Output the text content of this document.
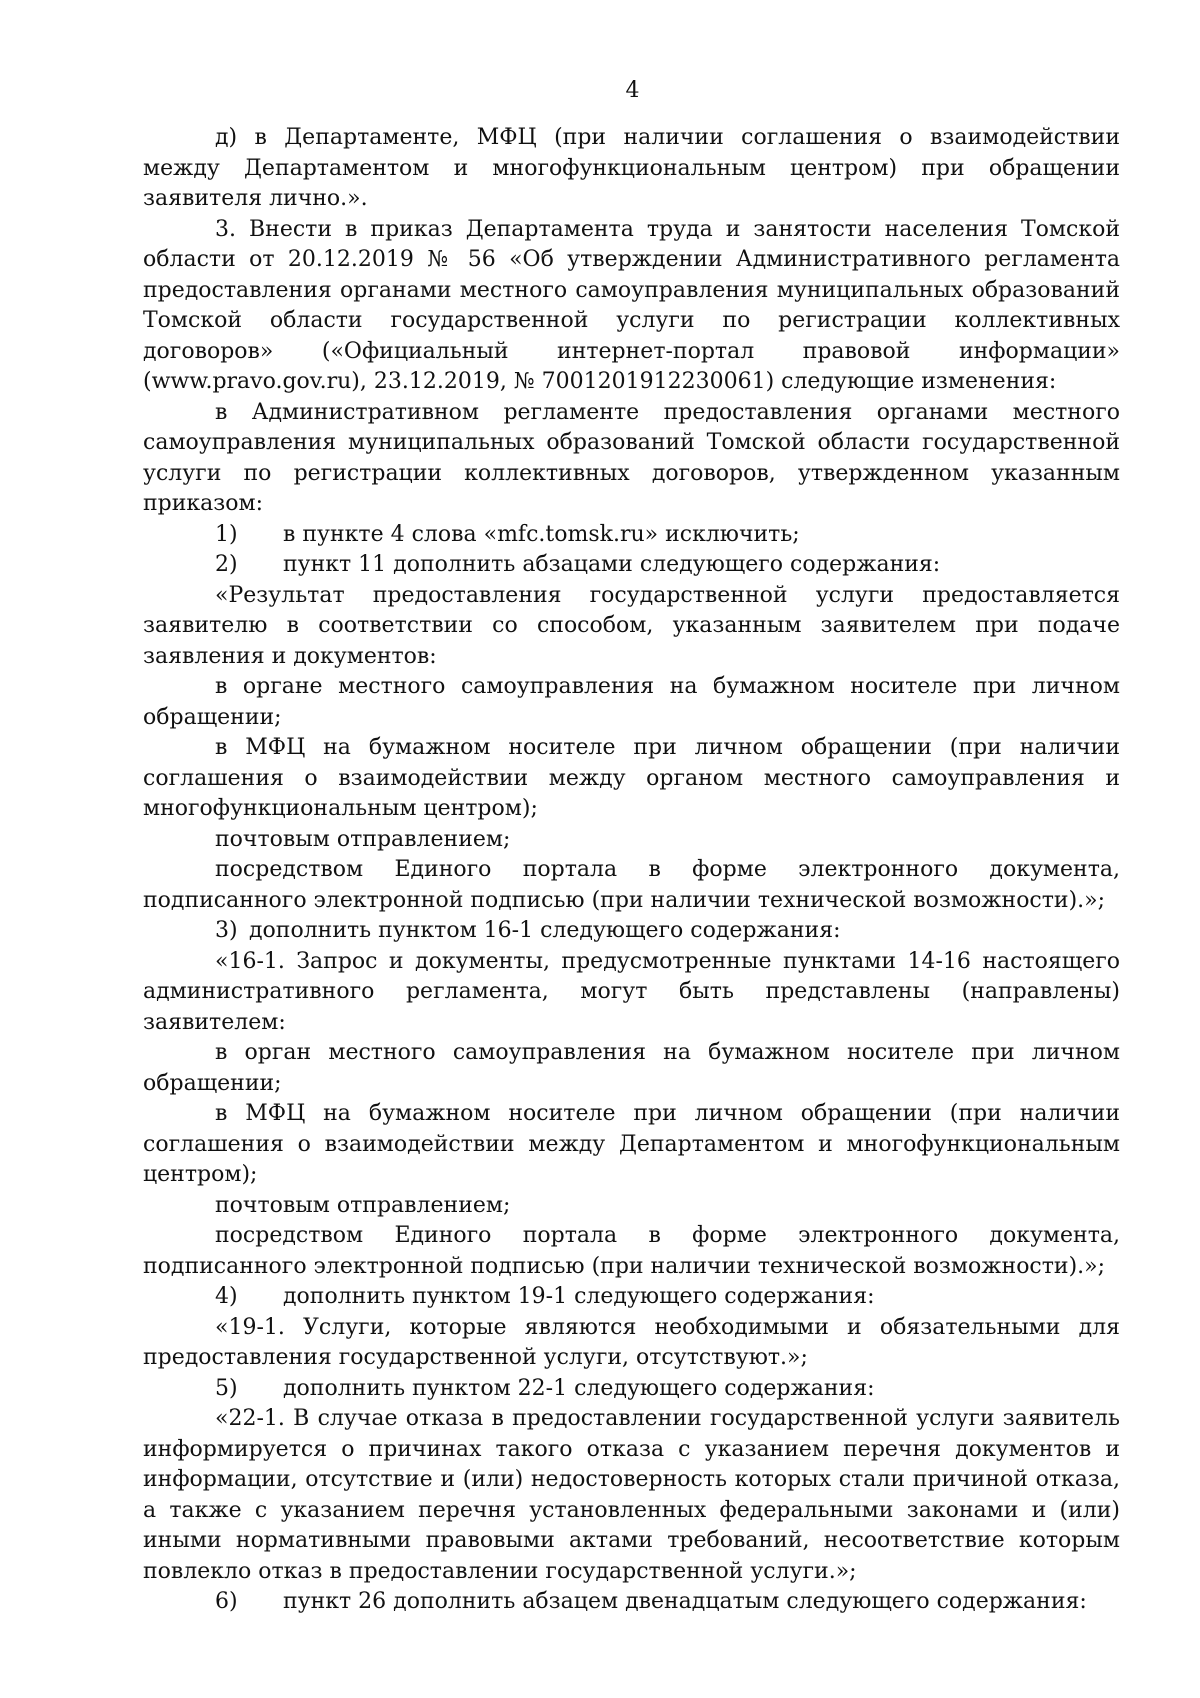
4
д) в Департаменте, МФЦ (при наличии соглашения о взаимодействии между Департаментом и многофункциональным центром) при обращении заявителя лично.».
3. Внести в приказ Департамента труда и занятости населения Томской области от 20.12.2019 № 56 «Об утверждении Административного регламента предоставления органами местного самоуправления муниципальных образований Томской области государственной услуги по регистрации коллективных договоров» («Официальный интернет-портал правовой информации» (www.pravo.gov.ru), 23.12.2019, № 7001201912230061) следующие изменения:
в Административном регламенте предоставления органами местного самоуправления муниципальных образований Томской области государственной услуги по регистрации коллективных договоров, утвержденном указанным приказом:
1) в пункте 4 слова «mfc.tomsk.ru» исключить;
2) пункт 11 дополнить абзацами следующего содержания:
«Результат предоставления государственной услуги предоставляется заявителю в соответствии со способом, указанным заявителем при подаче заявления и документов:
в органе местного самоуправления на бумажном носителе при личном обращении;
в МФЦ на бумажном носителе при личном обращении (при наличии соглашения о взаимодействии между органом местного самоуправления и многофункциональным центром);
почтовым отправлением;
посредством Единого портала в форме электронного документа, подписанного электронной подписью (при наличии технической возможности).»;
3) дополнить пунктом 16-1 следующего содержания:
«16-1. Запрос и документы, предусмотренные пунктами 14-16 настоящего административного регламента, могут быть представлены (направлены) заявителем:
в орган местного самоуправления на бумажном носителе при личном обращении;
в МФЦ на бумажном носителе при личном обращении (при наличии соглашения о взаимодействии между Департаментом и многофункциональным центром);
почтовым отправлением;
посредством Единого портала в форме электронного документа, подписанного электронной подписью (при наличии технической возможности).»;
4) дополнить пунктом 19-1 следующего содержания:
«19-1. Услуги, которые являются необходимыми и обязательными для предоставления государственной услуги, отсутствуют.»;
5) дополнить пунктом 22-1 следующего содержания:
«22-1. В случае отказа в предоставлении государственной услуги заявитель информируется о причинах такого отказа с указанием перечня документов и информации, отсутствие и (или) недостоверность которых стали причиной отказа, а также с указанием перечня установленных федеральными законами и (или) иными нормативными правовыми актами требований, несоответствие которым повлекло отказ в предоставлении государственной услуги.»;
6) пункт 26 дополнить абзацем двенадцатым следующего содержания:
